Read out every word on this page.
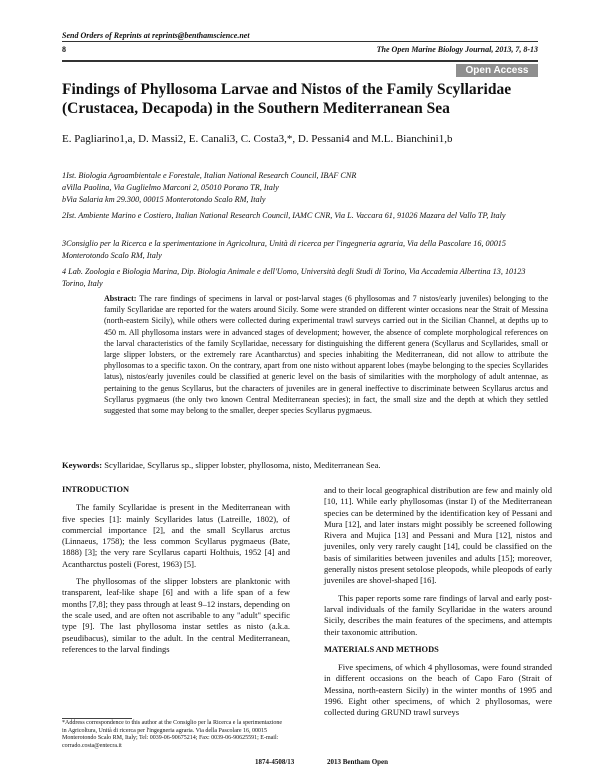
Send Orders of Reprints at reprints@benthamscience.net
8	The Open Marine Biology Journal, 2013, 7, 8-13
Open Access
Findings of Phyllosoma Larvae and Nistos of the Family Scyllaridae (Crustacea, Decapoda) in the Southern Mediterranean Sea
E. Pagliarino1,a, D. Massi2, E. Canali3, C. Costa3,*, D. Pessani4 and M.L. Bianchini1,b
1Ist. Biologia Agroambientale e Forestale, Italian National Research Council, IBAF CNR
aVilla Paolina, Via Guglielmo Marconi 2, 05010 Porano TR, Italy
bVia Salaria km 29.300, 00015 Monterotondo Scalo RM, Italy
2Ist. Ambiente Marino e Costiero, Italian National Research Council, IAMC CNR, Via L. Vaccara 61, 91026 Mazara del Vallo TP, Italy
3Consiglio per la Ricerca e la sperimentazione in Agricoltura, Unità di ricerca per l'ingegneria agraria, Via della Pascolare 16, 00015 Monterotondo Scalo RM, Italy
4 Lab. Zoologia e Biologia Marina, Dip. Biologia Animale e dell'Uomo, Università degli Studi di Torino, Via Accademia Albertina 13, 10123 Torino, Italy
Abstract: The rare findings of specimens in larval or post-larval stages (6 phyllosomas and 7 nistos/early juveniles) belonging to the family Scyllaridae are reported for the waters around Sicily. Some were stranded on different winter occasions near the Strait of Messina (north-eastern Sicily), while others were collected during experimental trawl surveys carried out in the Sicilian Channel, at depths up to 450 m. All phyllosoma instars were in advanced stages of development; however, the absence of complete morphological references on the larval characteristics of the family Scyllaridae, necessary for distinguishing the different genera (Scyllarus and Scyllarides, small or large slipper lobsters, or the extremely rare Acantharctus) and species inhabiting the Mediterranean, did not allow to attribute the phyllosomas to a specific taxon. On the contrary, apart from one nisto without apparent lobes (maybe belonging to the species Scyllarides latus), nistos/early juveniles could be classified at generic level on the basis of similarities with the morphology of adult antennae, as pertaining to the genus Scyllarus, but the characters of juveniles are in general ineffective to discriminate between Scyllarus arctus and Scyllarus pygmaeus (the only two known Central Mediterranean species); in fact, the small size and the depth at which they settled suggested that some may belong to the smaller, deeper species Scyllarus pygmaeus.
Keywords: Scyllaridae, Scyllarus sp., slipper lobster, phyllosoma, nisto, Mediterranean Sea.
INTRODUCTION

The family Scyllaridae is present in the Mediterranean with five species [1]: mainly Scyllarides latus (Latreille, 1802), of commercial importance [2], and the small Scyllarus arctus (Linnaeus, 1758); the less common Scyllarus pygmaeus (Bate, 1888) [3]; the very rare Scyllarus caparti Holthuis, 1952 [4] and Acantharctus posteli (Forest, 1963) [5].

The phyllosomas of the slipper lobsters are planktonic with transparent, leaf-like shape [6] and with a life span of a few months [7,8]; they pass through at least 9–12 instars, depending on the scale used, and are often not ascribable to any "adult" specific type [9]. The last phyllosoma instar settles as nisto (a.k.a. pseudibacus), similar to the adult. In the central Mediterranean, references to the larval findings

and to their local geographical distribution are few and mainly old [10, 11]. While early phyllosomas (instar I) of the Mediterranean species can be determined by the identification key of Pessani and Mura [12], and later instars might possibly be screened following Rivera and Mujica [13] and Pessani and Mura [12], nistos and juveniles, only very rarely caught [14], could be classified on the basis of similarities between juveniles and adults [15]; moreover, generally nistos present setolose pleopods, while pleopods of early juveniles are shovel-shaped [16].

This paper reports some rare findings of larval and early post-larval individuals of the family Scyllaridae in the waters around Sicily, describes the main features of the specimens, and attempts their taxonomic attribution.

MATERIALS AND METHODS

Five specimens, of which 4 phyllosomas, were found stranded in different occasions on the beach of Capo Faro (Strait of Messina, north-eastern Sicily) in the winter months of 1995 and 1996. Eight other specimens, of which 2 phyllosomas, were collected during GRUND trawl surveys

*Address correspondence to this author at the Consiglio per la Ricerca e la sperimentazione in Agricoltura, Unità di ricerca per l'ingegneria agraria. Via della Pascolare 16, 00015 Monterotondo Scalo RM, Italy; Tel: 0039-06-90675214; Fax: 0039-06-90625591; E-mail: corrado.costa@entecra.it
1874-4508/13	2013 Bentham Open
